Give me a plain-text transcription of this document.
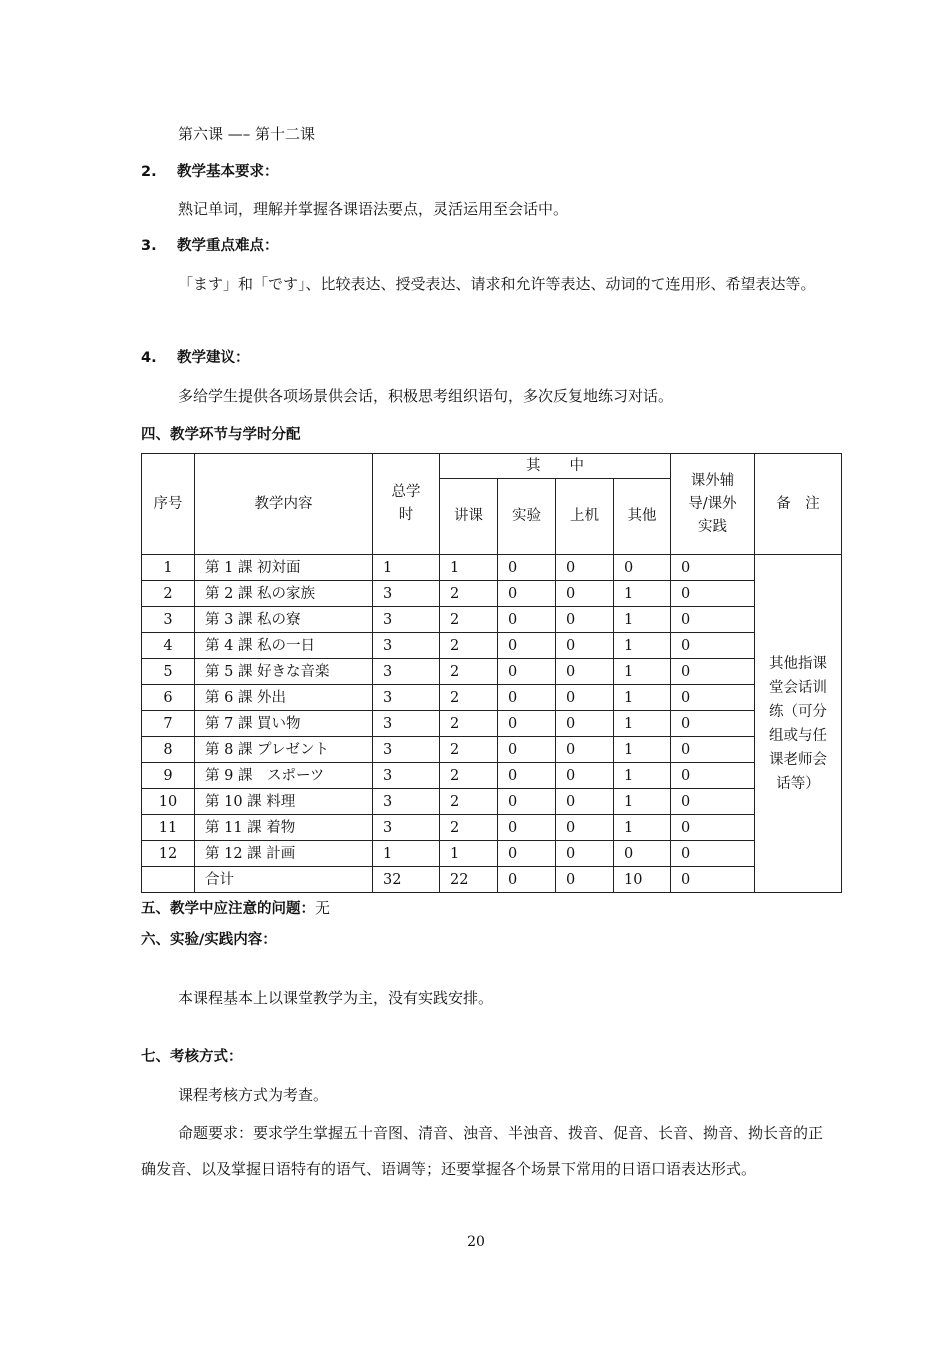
第六课 —– 第十二课
2. 教学基本要求：
熟记单词，理解并掌握各课语法要点，灵活运用至会话中。
3. 教学重点难点：
「ます」和「です」、比较表达、授受表达、请求和允许等表达、动词的て连用形、希望表达等。
4. 教学建议：
多给学生提供各项场景供会话，积极思考组织语句，多次反复地练习对话。
四、教学环节与学时分配
序号	教学内容	总学时	其　　中				课外辅导/课外实践	备　注
			讲课	实验	上机	其他		
1	第 1 課 初対面	1	1	0	0	0	0	其他指课堂会话训练（可分组或与任课老师会话等）
2	第 2 課 私の家族	3	2	0	0	1	0	
3	第 3 課 私の寮	3	2	0	0	1	0	
4	第 4 課 私の一日	3	2	0	0	1	0	
5	第 5 課 好きな音楽	3	2	0	0	1	0	
6	第 6 課 外出	3	2	0	0	1	0	
7	第 7 課 買い物	3	2	0	0	1	0	
8	第 8 課 プレゼント	3	2	0	0	1	0	
9	第 9 課　スポーツ	3	2	0	0	1	0	
10	第 10 課 料理	3	2	0	0	1	0	
11	第 11 課 着物	3	2	0	0	1	0	
12	第 12 課 計画	1	1	0	0	0	0	
	合计	32	22	0	0	10	0	
五、教学中应注意的问题：无
六、实验/实践内容：
本课程基本上以课堂教学为主，没有实践安排。
七、考核方式：
课程考核方式为考查。
命题要求：要求学生掌握五十音图、清音、浊音、半浊音、拨音、促音、长音、拗音、拗长音的正确发音、以及掌握日语特有的语气、语调等；还要掌握各个场景下常用的日语口语表达形式。
20
